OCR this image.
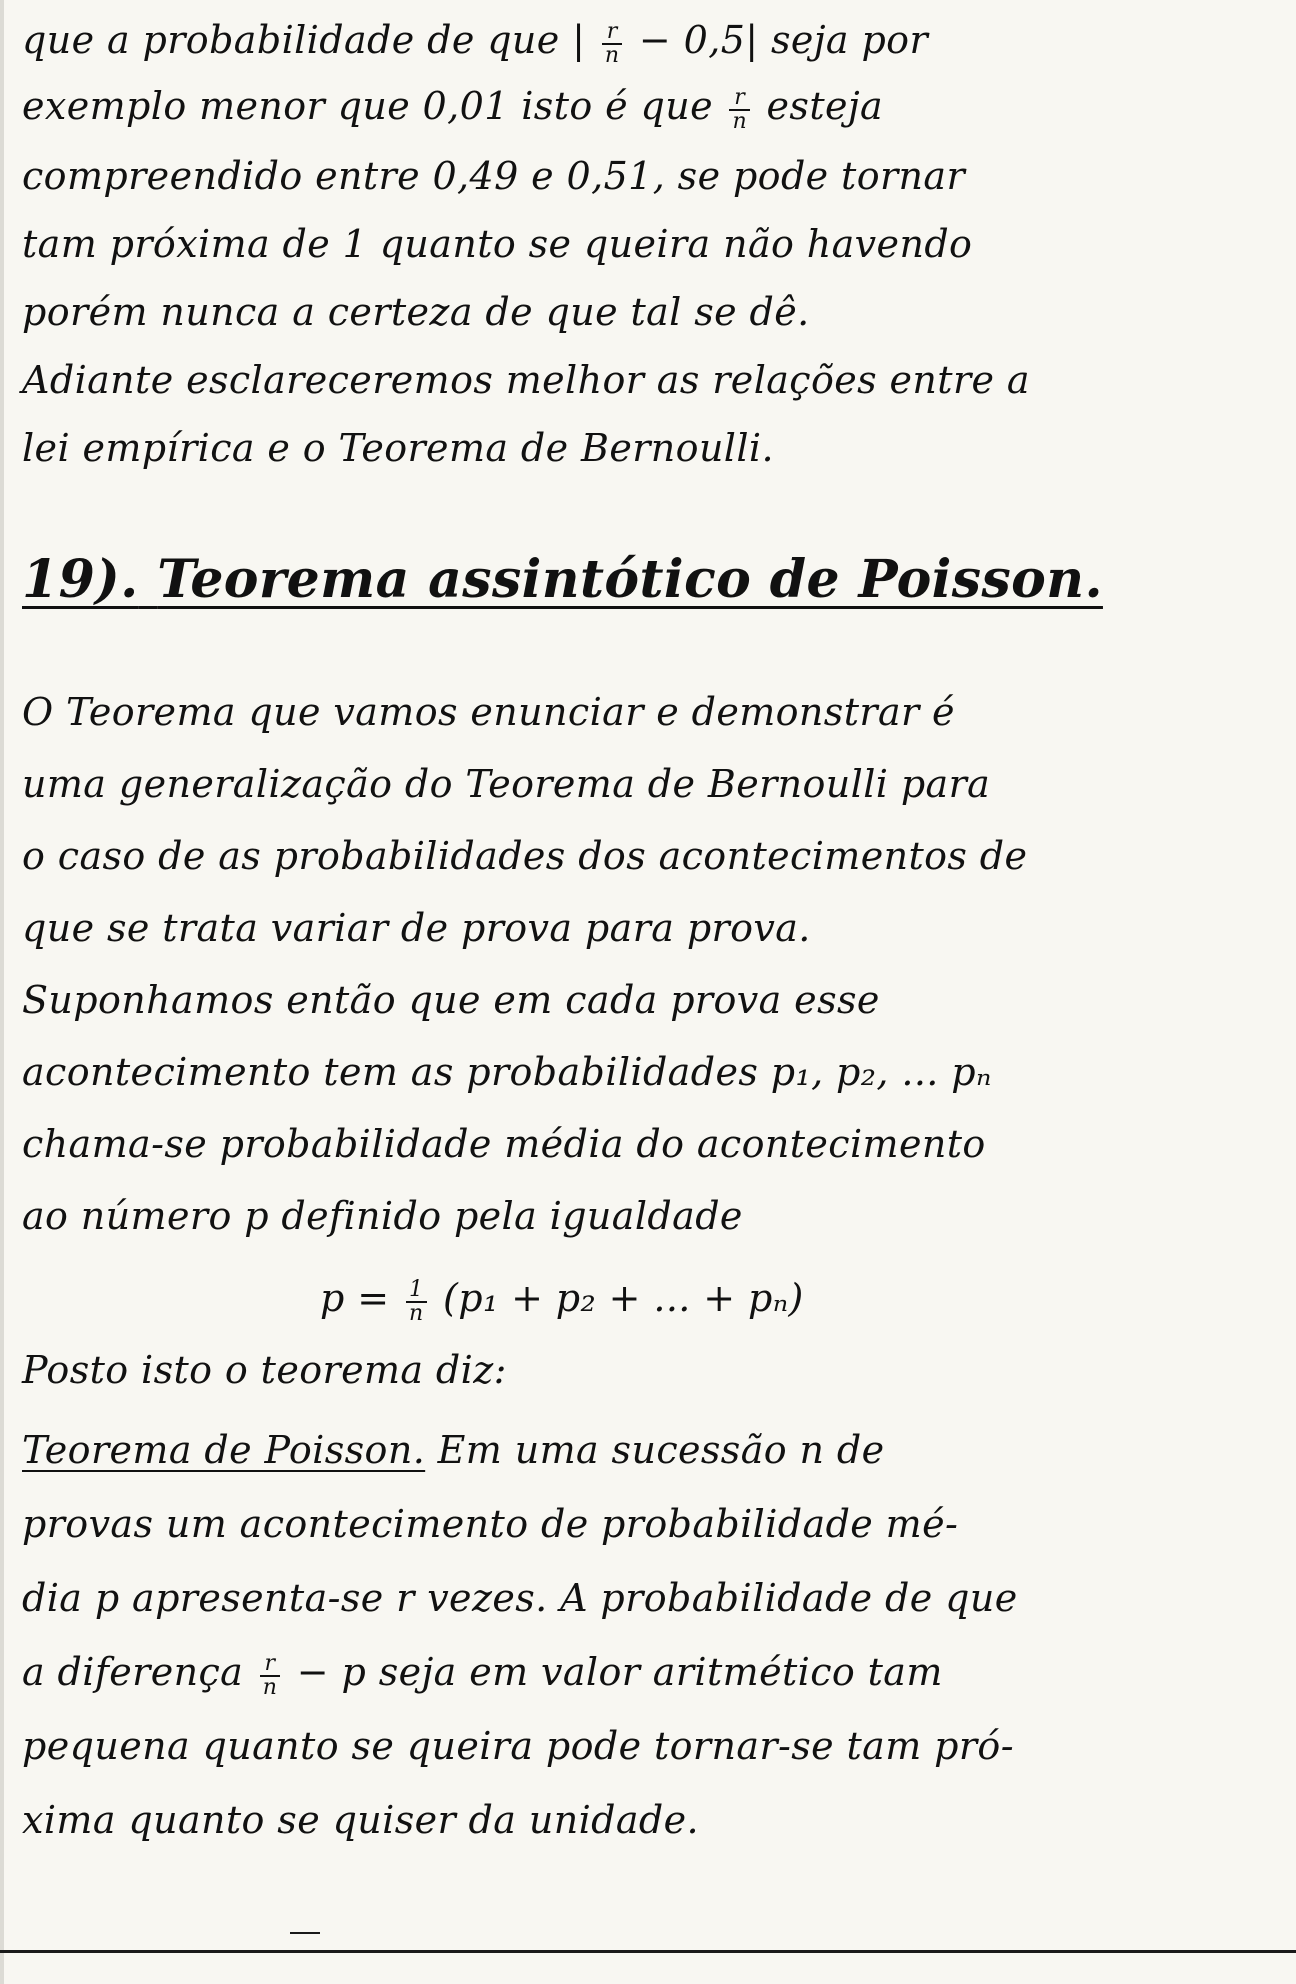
que a probabilidade de que | $\frac{r}{n} - 0,5|$ seja por
exemplo menor que 0,01 isto é que $\frac{r}{n}$ esteja
compreendido entre 0,49 e 0,51, se pode tornar
tam próxima de 1 quanto se queira não havendo
porém nunca a certeza de que tal se dê.
Adiante esclareceremos melhor as relações entre a
lei empírica e o Teorema de Bernoulli.
19). Teorema assintótico de Poisson.
O Teorema que vamos enunciar e demonstrar é
uma generalização do Teorema de Bernoulli para
o caso de as probabilidades dos acontecimentos de
que se trata variar de prova para prova.
Suponhamos então que em cada prova esse
acontecimento tem as probabilidades p₁, p₂, ... pₙ
chama-se probabilidade média do acontecimento
ao número p definido pela igualdade
$p = \frac{1}{n} (p_1 + p_2$ + ... + pₙ)
Posto isto o teorema diz:
Teorema de Poisson. Em uma sucessão n de
provas um acontecimento de probabilidade mé-
dia p apresenta-se r vezes. A probabilidade de que
a diferença $\frac{r}{n} - p$ seja em valor aritmético tam
pequena quanto se queira pode tornar-se tam pró-
xima quanto se quiser da unidade.
